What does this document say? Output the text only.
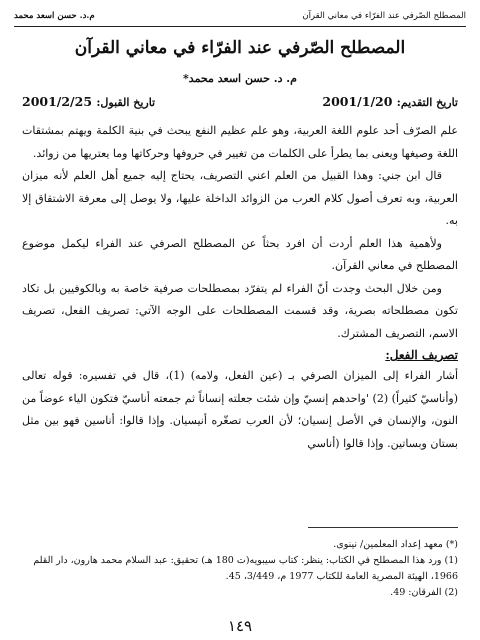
المصطلح الصّرفي عند الفرّاء في معاني القرآن
م.د. حسن اسعد محمد
المصطلح الصّرفي عند الفرّاء في معاني القرآن
م. د. حسن اسعد محمد*
تاريخ التقديم: 2001/1/20
تاريخ القبول: 2001/2/25

علم الصرّف أحد علوم اللغة العربية، وهو علم عظيم النفع يبحث في بنية الكلمة ويهتم بمشتقات اللغة وصيغها ويعنى بما يطرأ على الكلمات من تغيير في حروفها وحركاتها وما يعتريها من زوائد.

قال ابن جني: وهذا القبيل من العلم اعني التصريف، يحتاج إليه جميع أهل العلم لأنه ميزان العربية، وبه تعرف أصول كلام العرب من الزوائد الداخلة عليها، ولا يوصل إلى معرفة الاشتقاق إلا به.

ولأهمية هذا العلم أردت أن افرد بحثاً عن المصطلح الصرفي عند الفراء ليكمل موضوع المصطلح في معاني القرآن.

ومن خلال البحث وجدت أنّ الفراء لم يتفرّد بمصطلحات صرفية خاصة به وبالكوفيين بل تكاد تكون مصطلحاته بصرية، وقد قسمت المصطلحات على الوجه الآتي: تصريف الفعل، تصريف الاسم، التصريف المشترك.

تصريف الفعل:

أشار الفراء إلى الميزان الصرفي بـ (عين الفعل، ولامه) (1)، قال في تفسيره: قوله تعالى (وأناسيّ كثيراً) (2) 'واحدهم إنسيّ وإن شئت جعلته إنساناً ثم جمعته أناسيّ فتكون الياء عوضاً من النون، والإنسان في الأصل إنسيان؛ لأن العرب تصغّره أنيسيان. وإذا قالوا: أناسين فهو بين مثل بستان وبساتين. وإذا قالوا (أناسي

(*) معهد إعداد المعلمين/ نينوى.

(1) ورد هذا المصطلح في الكتاب: ينظر: كتاب سيبويه(ت 180 هـ) تحقيق: عبد السلام محمد هارون، دار القلم 1966، الهيئة المصرية العامة للكتاب 1977 م، 3/449، 45.

(2) الفرقان: 49.

١٤٩
